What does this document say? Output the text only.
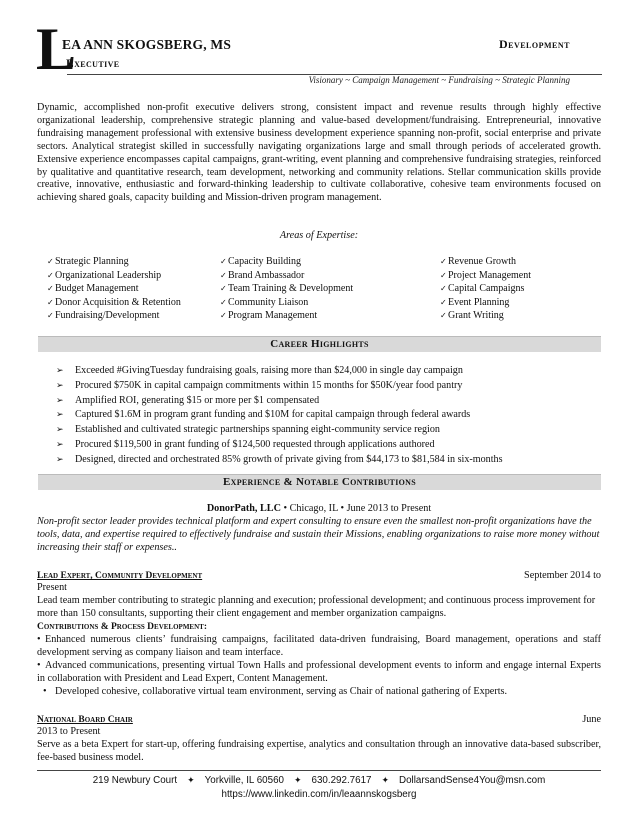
L
EA ANN SKOGSBERG, MS
Executive
Development
Visionary ~ Campaign Management ~ Fundraising ~ Strategic Planning
Dynamic, accomplished non-profit executive delivers strong, consistent impact and revenue results through highly effective organizational leadership, comprehensive strategic planning and value-based development/fundraising. Entrepreneurial, innovative fundraising management professional with extensive business development experience spanning non-profit, social enterprise and private sectors. Analytical strategist skilled in successfully navigating organizations large and small through periods of accelerated growth. Extensive experience encompasses capital campaigns, grant-writing, event planning and comprehensive fundraising strategies, reinforced by qualitative and quantitative research, team development, networking and community relations. Stellar communication skills provide creative, innovative, enthusiastic and forward-thinking leadership to cultivate collaborative, cohesive team environments focused on achieving shared goals, capacity building and Mission-driven program management.
Areas of Expertise:
✓Strategic Planning
✓Organizational Leadership
✓Budget Management
✓Donor Acquisition & Retention
✓Fundraising/Development
✓Capacity Building
✓Brand Ambassador
✓Team Training & Development
✓Community Liaison
✓Program Management
✓Revenue Growth
✓Project Management
✓Capital Campaigns
✓Event Planning
✓Grant Writing
Career Highlights
➢ Exceeded #GivingTuesday fundraising goals, raising more than $24,000 in single day campaign
➢ Procured $750K in capital campaign commitments within 15 months for $50K/year food pantry
➢ Amplified ROI, generating $15 or more per $1 compensated
➢ Captured $1.6M in program grant funding and $10M for capital campaign through federal awards
➢ Established and cultivated strategic partnerships spanning eight-community service region
➢ Procured $119,500 in grant funding of $124,500 requested through applications authored
➢ Designed, directed and orchestrated 85% growth of private giving from $44,173 to $81,584 in six-months
Experience & Notable Contributions
DonorPath, LLC • Chicago, IL • June 2013 to Present
Non-profit sector leader provides technical platform and expert consulting to ensure even the smallest non-profit organizations have the tools, data, and expertise required to effectively fundraise and sustain their Missions, enabling organizations to raise more money without increasing their staff or expenses..
Lead Expert, Community Development	September 2014 to
Present
Lead team member contributing to strategic planning and execution; professional development; and continuous process improvement for more than 150 consultants, supporting their client engagement and member organization campaigns.
Contributions & Process Development:
• Enhanced numerous clients’ fundraising campaigns, facilitated data-driven fundraising, Board management, operations and staff development serving as company liaison and team interface.
• Advanced communications, presenting virtual Town Halls and professional development events to inform and engage internal Experts in collaboration with President and Lead Expert, Content Management.
• Developed cohesive, collaborative virtual team environment, serving as Chair of national gathering of Experts.
National Board Chair	June
2013 to Present
Serve as a beta Expert for start-up, offering fundraising expertise, analytics and consultation through an innovative data-based subscriber, fee-based business model.
219 Newbury Court ✦ Yorkville, IL 60560 ✦ 630.292.7617 ✦ DollarsandSense4You@msn.com
https://www.linkedin.com/in/leaannskogsberg
